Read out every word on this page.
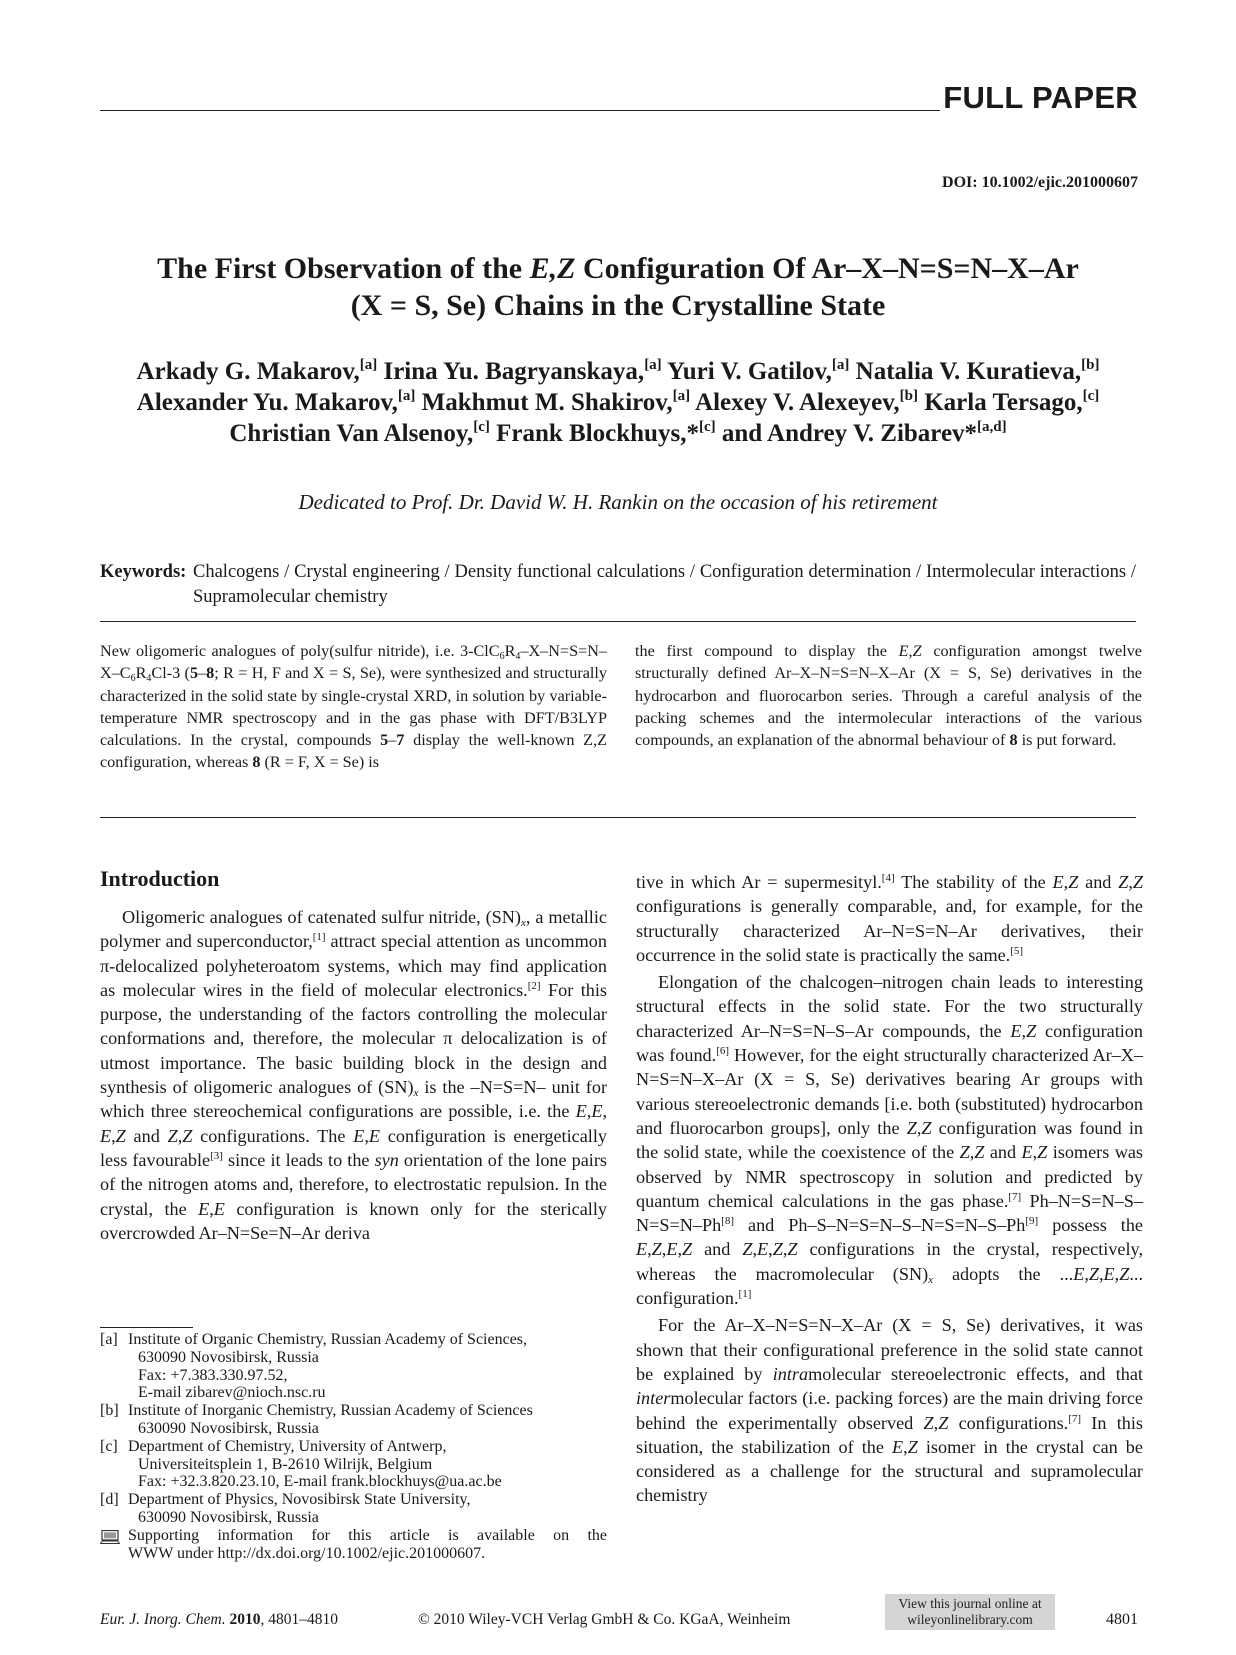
FULL PAPER
DOI: 10.1002/ejic.201000607
The First Observation of the E,Z Configuration Of Ar–X–N=S=N–X–Ar
(X = S, Se) Chains in the Crystalline State
Arkady G. Makarov,[a] Irina Yu. Bagryanskaya,[a] Yuri V. Gatilov,[a] Natalia V. Kuratieva,[b]
Alexander Yu. Makarov,[a] Makhmut M. Shakirov,[a] Alexey V. Alexeyev,[b] Karla Tersago,[c]
Christian Van Alsenoy,[c] Frank Blockhuys,*[c] and Andrey V. Zibarev*[a,d]
Dedicated to Prof. Dr. David W. H. Rankin on the occasion of his retirement
Keywords: Chalcogens / Crystal engineering / Density functional calculations / Configuration determination / Intermolecular interactions / Supramolecular chemistry
New oligomeric analogues of poly(sulfur nitride), i.e. $3-ClC_6R_4-X-N=S=N-X-C_6R_4Cl-3$ (5–8; R = H, F and X = S, Se), were synthesized and structurally characterized in the solid state by single-crystal XRD, in solution by variable-temperature NMR spectroscopy and in the gas phase with DFT/B3LYP calculations. In the crystal, compounds 5–7 display the well-known Z,Z configuration, whereas 8 (R = F, X = Se) is
the first compound to display the E,Z configuration amongst twelve structurally defined Ar–X–N=S=N–X–Ar (X = S, Se) derivatives in the hydrocarbon and fluorocarbon series. Through a careful analysis of the packing schemes and the intermolecular interactions of the various compounds, an explanation of the abnormal behaviour of 8 is put forward.
Introduction

Oligomeric analogues of catenated sulfur nitride, $(SN)_x$, a metallic polymer and superconductor,[1] attract special attention as uncommon π-delocalized polyheteroatom systems, which may find application as molecular wires in the field of molecular electronics.[2] For this purpose, the understanding of the factors controlling the molecular conformations and, therefore, the molecular π delocalization is of utmost importance. The basic building block in the design and synthesis of oligomeric analogues of $(SN)_x$ is the –N=S=N– unit for which three stereochemical configurations are possible, i.e. the E,E, E,Z and Z,Z configurations. The E,E configuration is energetically less favourable[3] since it leads to the syn orientation of the lone pairs of the nitrogen atoms and, therefore, to electrostatic repulsion. In the crystal, the E,E configuration is known only for the sterically overcrowded Ar–N=Se=N–Ar deriva

tive in which Ar = supermesityl.[4] The stability of the E,Z and Z,Z configurations is generally comparable, and, for example, for the structurally characterized Ar–N=S=N–Ar derivatives, their occurrence in the solid state is practically the same.[5]

Elongation of the chalcogen–nitrogen chain leads to interesting structural effects in the solid state. For the two structurally characterized Ar–N=S=N–S–Ar compounds, the E,Z configuration was found.[6] However, for the eight structurally characterized Ar–X–N=S=N–X–Ar (X = S, Se) derivatives bearing Ar groups with various stereoelectronic demands [i.e. both (substituted) hydrocarbon and fluorocarbon groups], only the Z,Z configuration was found in the solid state, while the coexistence of the Z,Z and E,Z isomers was observed by NMR spectroscopy in solution and predicted by quantum chemical calculations in the gas phase.[7] Ph–N=S=N–S–N=S=N–Ph[8] and Ph–S–N=S=N–S–N=S=N–S–Ph[9] possess the E,Z,E,Z and Z,E,Z,Z configurations in the crystal, respectively, whereas the macromolecular $(SN)_x$ adopts the ...E,Z,E,Z... configuration.[1]

For the Ar–X–N=S=N–X–Ar (X = S, Se) derivatives, it was shown that their configurational preference in the solid state cannot be explained by intramolecular stereoelectronic effects, and that intermolecular factors (i.e. packing forces) are the main driving force behind the experimentally observed Z,Z configurations.[7] In this situation, the stabilization of the E,Z isomer in the crystal can be considered as a challenge for the structural and supramolecular chemistry

[a] Institute of Organic Chemistry, Russian Academy of Sciences,
630090 Novosibirsk, Russia
Fax: +7.383.330.97.52,
E-mail zibarev@nioch.nsc.ru
[b] Institute of Inorganic Chemistry, Russian Academy of Sciences
630090 Novosibirsk, Russia
[c] Department of Chemistry, University of Antwerp,
Universiteitsplein 1, B-2610 Wilrijk, Belgium
Fax: +32.3.820.23.10, E-mail frank.blockhuys@ua.ac.be
[d] Department of Physics, Novosibirsk State University,
630090 Novosibirsk, Russia
Supporting information for this article is available on the
WWW under http://dx.doi.org/10.1002/ejic.201000607.
Eur. J. Inorg. Chem. 2010, 4801–4810	© 2010 Wiley-VCH Verlag GmbH & Co. KGaA, Weinheim
View this journal online at
wileyonlinelibrary.com	4801
